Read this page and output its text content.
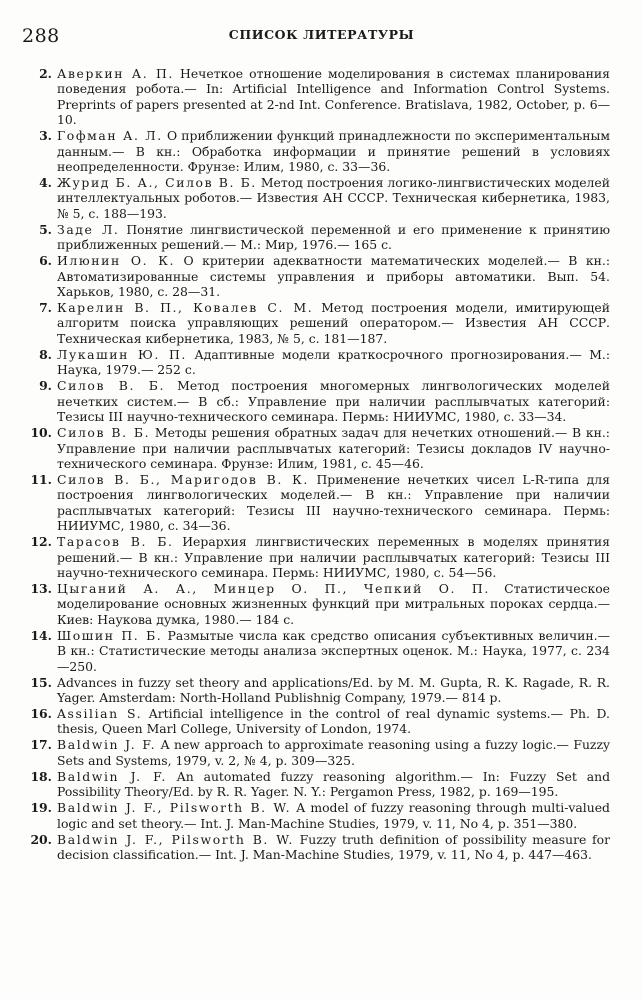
288	СПИСОК ЛИТЕРАТУРЫ
2. Аверкин А. П. Нечеткое отношение моделирования в системах планирования поведения робота.— In: Artificial Intelligence and Information Control Systems. Preprints of papers presented at 2-nd Int. Conference. Bratislava, 1982, October, p. 6—10.
3. Гофман А. Л. О приближении функций принадлежности по экспериментальным данным.— В кн.: Обработка информации и принятие решений в условиях неопределенности. Фрунзе: Илим, 1980, с. 33—36.
4. Журид Б. А., Силов В. Б. Метод построения логико-лингвистических моделей интеллектуальных роботов.— Известия АН СССР. Техническая кибернетика, 1983, № 5, с. 188—193.
5. Заде Л. Понятие лингвистической переменной и его применение к принятию приближенных решений.— М.: Мир, 1976.— 165 с.
6. Илюнин О. К. О критерии адекватности математических моделей.— В кн.: Автоматизированные системы управления и приборы автоматики. Вып. 54. Харьков, 1980, с. 28—31.
7. Карелин В. П., Ковалев С. М. Метод построения модели, имитирующей алгоритм поиска управляющих решений оператором.— Известия АН СССР. Техническая кибернетика, 1983, № 5, с. 181—187.
8. Лукашин Ю. П. Адаптивные модели краткосрочного прогнозирования.— М.: Наука, 1979.— 252 с.
9. Силов В. Б. Метод построения многомерных лингвологических моделей нечетких систем.— В сб.: Управление при наличии расплывчатых категорий: Тезисы III научно-технического семинара. Пермь: НИИУМС, 1980, с. 33—34.
10. Силов В. Б. Методы решения обратных задач для нечетких отношений.— В кн.: Управление при наличии расплывчатых категорий: Тезисы докладов IV научно-технического семинара. Фрунзе: Илим, 1981, с. 45—46.
11. Силов В. Б., Маригодов В. К. Применение нечетких чисел L-R-типа для построения лингвологических моделей.— В кн.: Управление при наличии расплывчатых категорий: Тезисы III научно-технического семинара. Пермь: НИИУМС, 1980, с. 34—36.
12. Тарасов В. Б. Иерархия лингвистических переменных в моделях принятия решений.— В кн.: Управление при наличии расплывчатых категорий: Тезисы III научно-технического семинара. Пермь: НИИУМС, 1980, с. 54—56.
13. Цыганий А. А., Минцер О. П., Чепкий О. П. Статистическое моделирование основных жизненных функций при митральных пороках сердца.— Киев: Наукова думка, 1980.— 184 с.
14. Шошин П. Б. Размытые числа как средство описания субъективных величин.— В кн.: Статистические методы анализа экспертных оценок. М.: Наука, 1977, с. 234—250.
15. Advances in fuzzy set theory and applications/Ed. by M. M. Gupta, R. K. Ragade, R. R. Yager. Amsterdam: North-Holland Publishnig Company, 1979.— 814 p.
16. Assilian S. Artificial intelligence in the control of real dynamic systems.— Ph. D. thesis, Queen Marl College, University of London, 1974.
17. Baldwin J. F. A new approach to approximate reasoning using a fuzzy logic.— Fuzzy Sets and Systems, 1979, v. 2, № 4, p. 309—325.
18. Baldwin J. F. An automated fuzzy reasoning algorithm.— In: Fuzzy Set and Possibility Theory/Ed. by R. R. Yager. N. Y.: Pergamon Press, 1982, p. 169—195.
19. Baldwin J. F., Pilsworth B. W. A model of fuzzy reasoning through multi-valued logic and set theory.— Int. J. Man-Machine Studies, 1979, v. 11, No 4, p. 351—380.
20. Baldwin J. F., Pilsworth B. W. Fuzzy truth definition of possibility measure for decision classification.— Int. J. Man-Machine Studies, 1979, v. 11, No 4, p. 447—463.
